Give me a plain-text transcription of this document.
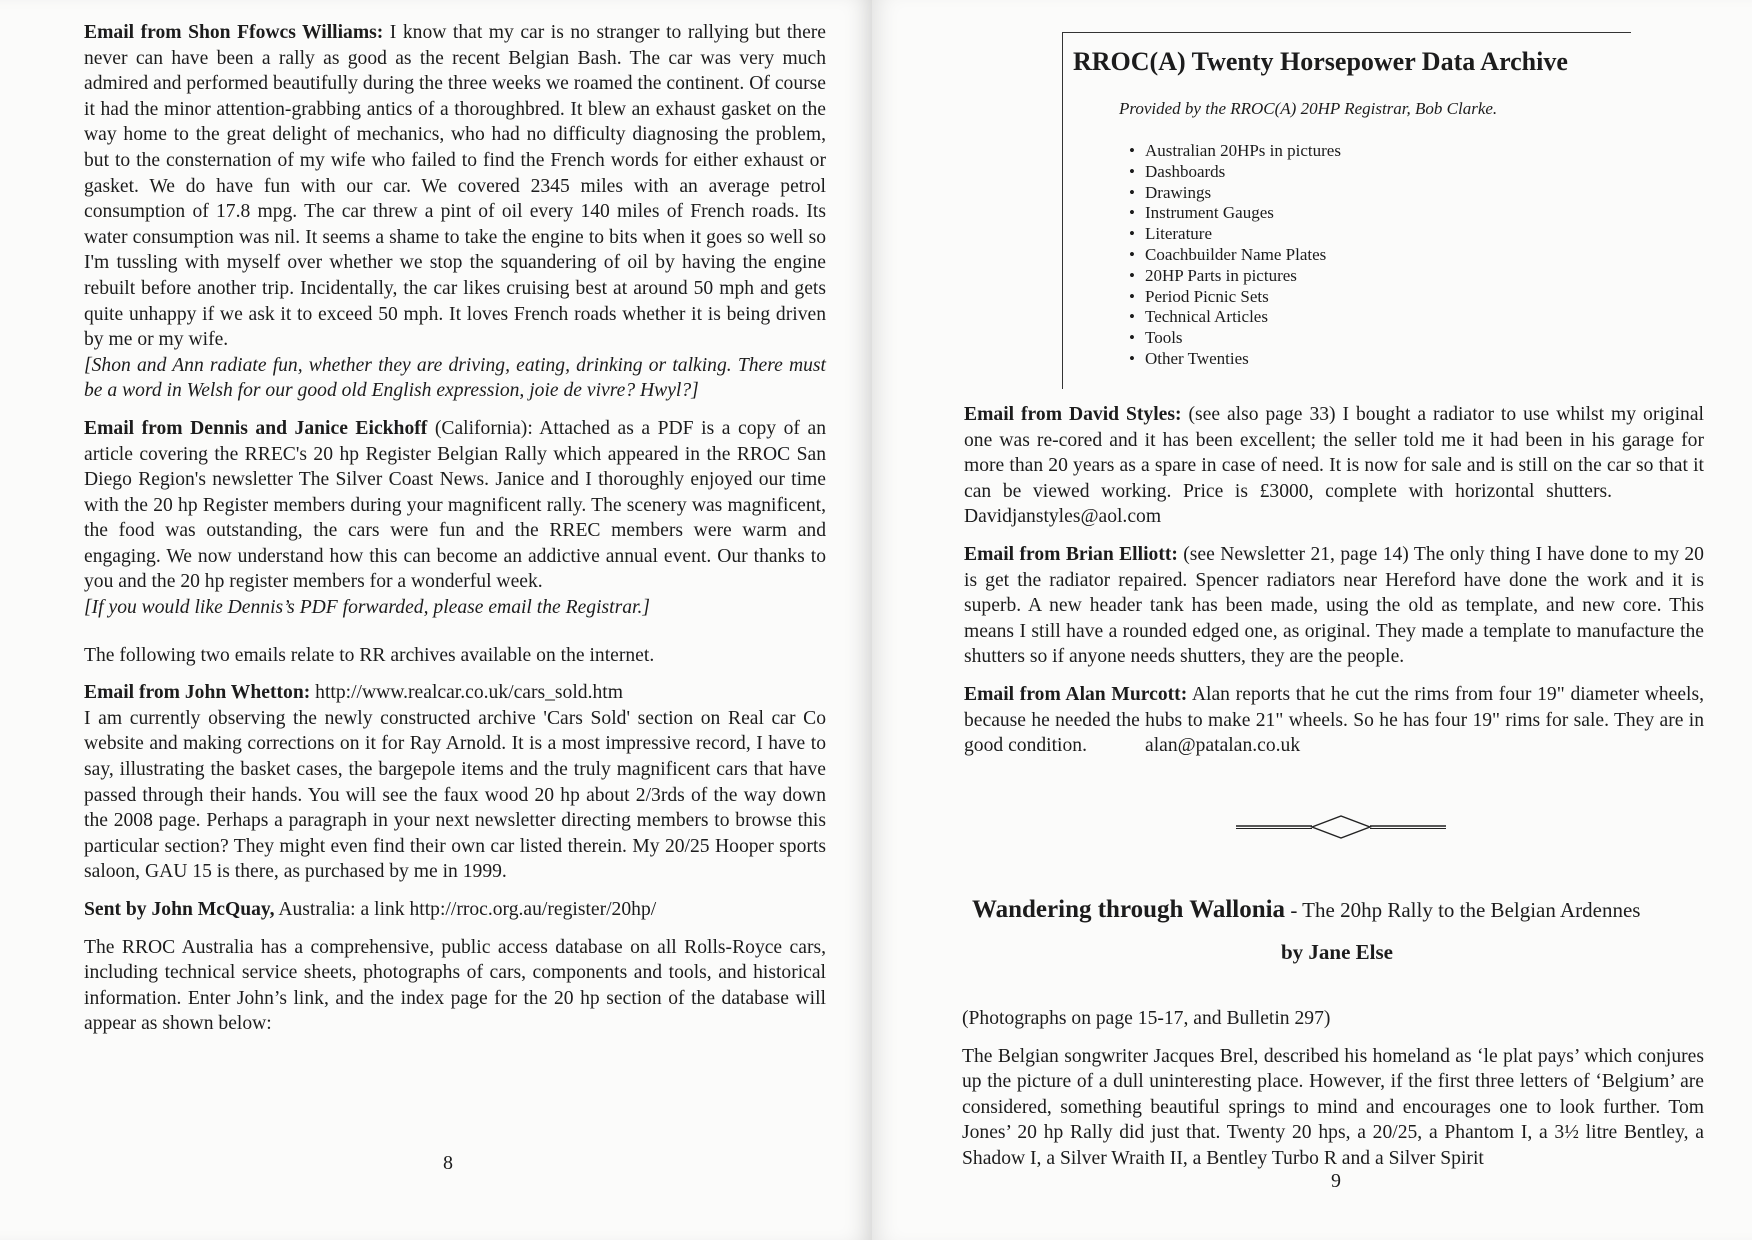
Email from Shon Ffowcs Williams: I know that my car is no stranger to rallying but there never can have been a rally as good as the recent Belgian Bash. The car was very much admired and performed beautifully during the three weeks we roamed the continent. Of course it had the minor attention-grabbing antics of a thoroughbred. It blew an exhaust gasket on the way home to the great delight of mechanics, who had no difficulty diagnosing the problem, but to the consternation of my wife who failed to find the French words for either exhaust or gasket. We do have fun with our car. We covered 2345 miles with an average petrol consumption of 17.8 mpg. The car threw a pint of oil every 140 miles of French roads. Its water consumption was nil. It seems a shame to take the engine to bits when it goes so well so I'm tussling with myself over whether we stop the squandering of oil by having the engine rebuilt before another trip. Incidentally, the car likes cruising best at around 50 mph and gets quite unhappy if we ask it to exceed 50 mph. It loves French roads whether it is being driven by me or my wife.

[Shon and Ann radiate fun, whether they are driving, eating, drinking or talking. There must be a word in Welsh for our good old English expression, joie de vivre? Hwyl?]

Email from Dennis and Janice Eickhoff (California): Attached as a PDF is a copy of an article covering the RREC's 20 hp Register Belgian Rally which appeared in the RROC San Diego Region's newsletter The Silver Coast News. Janice and I thoroughly enjoyed our time with the 20 hp Register members during your magnificent rally. The scenery was magnificent, the food was outstanding, the cars were fun and the RREC members were warm and engaging. We now understand how this can become an addictive annual event. Our thanks to you and the 20 hp register members for a wonderful week.

[If you would like Dennis’s PDF forwarded, please email the Registrar.]

The following two emails relate to RR archives available on the internet.

Email from John Whetton: http://www.realcar.co.uk/cars_sold.htm

I am currently observing the newly constructed archive 'Cars Sold' section on Real car Co website and making corrections on it for Ray Arnold. It is a most impressive record, I have to say, illustrating the basket cases, the bargepole items and the truly magnificent cars that have passed through their hands. You will see the faux wood 20 hp about 2/3rds of the way down the 2008 page. Perhaps a paragraph in your next newsletter directing members to browse this particular section? They might even find their own car listed therein. My 20/25 Hooper sports saloon, GAU 15 is there, as purchased by me in 1999.

Sent by John McQuay, Australia: a link http://rroc.org.au/register/20hp/

The RROC Australia has a comprehensive, public access database on all Rolls-Royce cars, including technical service sheets, photographs of cars, components and tools, and historical information. Enter John’s link, and the index page for the 20 hp section of the database will appear as shown below:

8
RROC(A) Twenty Horsepower Data Archive
Provided by the RROC(A) 20HP Registrar, Bob Clarke.
• Australian 20HPs in pictures
• Dashboards
• Drawings
• Instrument Gauges
• Literature
• Coachbuilder Name Plates
• 20HP Parts in pictures
• Period Picnic Sets
• Technical Articles
• Tools
• Other Twenties

Email from David Styles: (see also page 33) I bought a radiator to use whilst my original one was re-cored and it has been excellent; the seller told me it had been in his garage for more than 20 years as a spare in case of need. It is now for sale and is still on the car so that it can be viewed working. Price is £3000, complete with horizontal shutters.Davidjanstyles@aol.com

Email from Brian Elliott: (see Newsletter 21, page 14) The only thing I have done to my 20 is get the radiator repaired. Spencer radiators near Hereford have done the work and it is superb. A new header tank has been made, using the old as template, and new core. This means I still have a rounded edged one, as original. They made a template to manufacture the shutters so if anyone needs shutters, they are the people.

Email from Alan Murcott: Alan reports that he cut the rims from four 19" diameter wheels, because he needed the hubs to make 21" wheels. So he has four 19" rims for sale. They are in good condition.	alan@patalan.co.uk

Wandering through Wallonia - The 20hp Rally to the Belgian Ardennes
by Jane Else

(Photographs on page 15-17, and Bulletin 297)

The Belgian songwriter Jacques Brel, described his homeland as ‘le plat pays’ which conjures up the picture of a dull uninteresting place. However, if the first three letters of ‘Belgium’ are considered, something beautiful springs to mind and encourages one to look further. Tom Jones’ 20 hp Rally did just that. Twenty 20 hps, a 20/25, a Phantom I, a 3½ litre Bentley, a Shadow I, a Silver Wraith II, a Bentley Turbo R and a Silver Spirit

9
